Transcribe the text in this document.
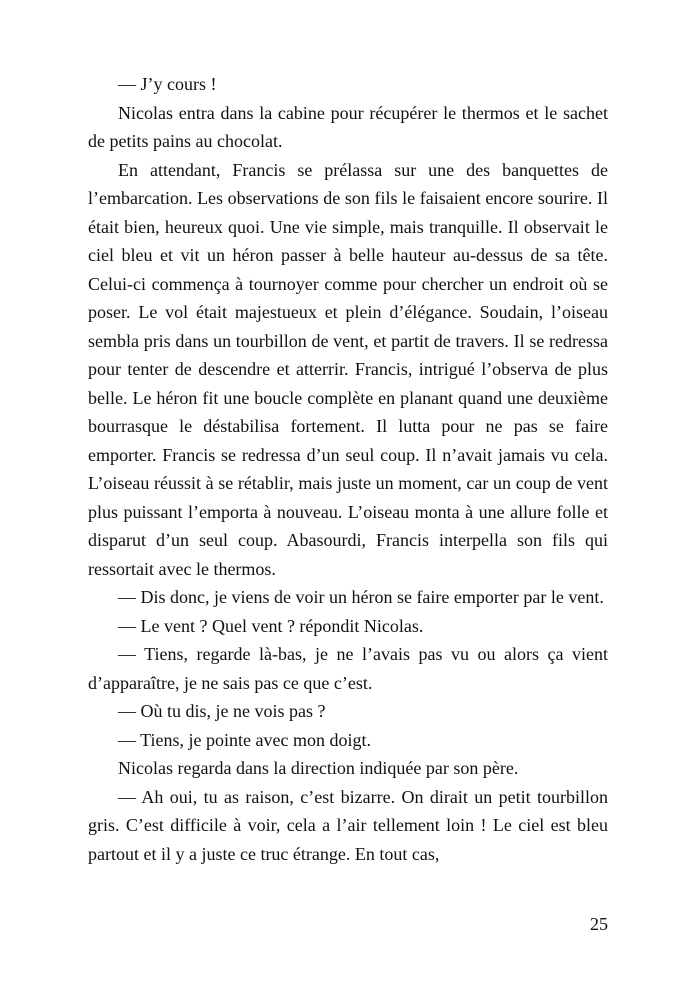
— J’y cours !

Nicolas entra dans la cabine pour récupérer le thermos et le sachet de petits pains au chocolat.

En attendant, Francis se prélassa sur une des banquettes de l’embarcation. Les observations de son fils le faisaient encore sourire. Il était bien, heureux quoi. Une vie simple, mais tranquille. Il observait le ciel bleu et vit un héron passer à belle hauteur au-dessus de sa tête. Celui-ci commença à tournoyer comme pour chercher un endroit où se poser. Le vol était majestueux et plein d’élégance. Soudain, l’oiseau sembla pris dans un tourbillon de vent, et partit de travers. Il se redressa pour tenter de descendre et atterrir. Francis, intrigué l’observa de plus belle. Le héron fit une boucle complète en planant quand une deuxième bourrasque le déstabilisa fortement. Il lutta pour ne pas se faire emporter. Francis se redressa d’un seul coup. Il n’avait jamais vu cela. L’oiseau réussit à se rétablir, mais juste un moment, car un coup de vent plus puissant l’emporta à nouveau. L’oiseau monta à une allure folle et disparut d’un seul coup. Abasourdi, Francis interpella son fils qui ressortait avec le thermos.

— Dis donc, je viens de voir un héron se faire emporter par le vent.

— Le vent ? Quel vent ? répondit Nicolas.

— Tiens, regarde là-bas, je ne l’avais pas vu ou alors ça vient d’apparaître, je ne sais pas ce que c’est.

— Où tu dis, je ne vois pas ?

— Tiens, je pointe avec mon doigt.

Nicolas regarda dans la direction indiquée par son père.

— Ah oui, tu as raison, c’est bizarre. On dirait un petit tourbillon gris. C’est difficile à voir, cela a l’air tellement loin ! Le ciel est bleu partout et il y a juste ce truc étrange. En tout cas,

25
